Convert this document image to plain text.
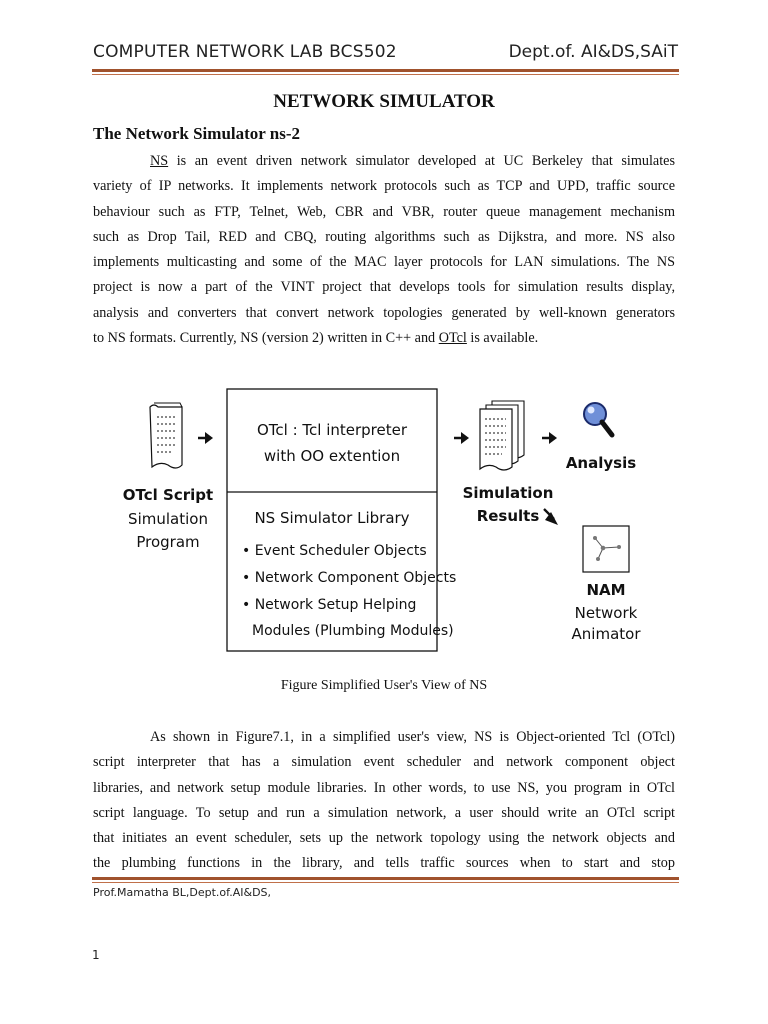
COMPUTER NETWORK LAB BCS502	Dept.of. AI&DS,SAiT
NETWORK SIMULATOR
The Network Simulator ns-2
NS is an event driven network simulator developed at UC Berkeley that simulates
variety of IP networks. It implements network protocols such as TCP and UPD, traffic source
behaviour such as FTP, Telnet, Web, CBR and VBR, router queue management mechanism
such as Drop Tail, RED and CBQ, routing algorithms such as Dijkstra, and more. NS also
implements multicasting and some of the MAC layer protocols for LAN simulations. The NS
project is now a part of the VINT project that develops tools for simulation results display,
analysis and converters that convert network topologies generated by well-known generators
to NS formats. Currently, NS (version 2) written in C++ and OTcl is available.
OTcl Script
Simulation
Program
OTcl : Tcl interpreter
with OO extention
NS Simulator Library
• Event Scheduler Objects
• Network Component Objects
• Network Setup Helping
Modules (Plumbing Modules)
Simulation
Results
Analysis
NAM
Network
Animator
Figure Simplified User's View of NS
As shown in Figure7.1, in a simplified user's view, NS is Object-oriented Tcl (OTcl)
script interpreter that has a simulation event scheduler and network component object
libraries, and network setup module libraries. In other words, to use NS, you program in OTcl
script language. To setup and run a simulation network, a user should write an OTcl script
that initiates an event scheduler, sets up the network topology using the network objects and
the plumbing functions in the library, and tells traffic sources when to start and stop
Prof.Mamatha BL,Dept.of.AI&DS,
1
